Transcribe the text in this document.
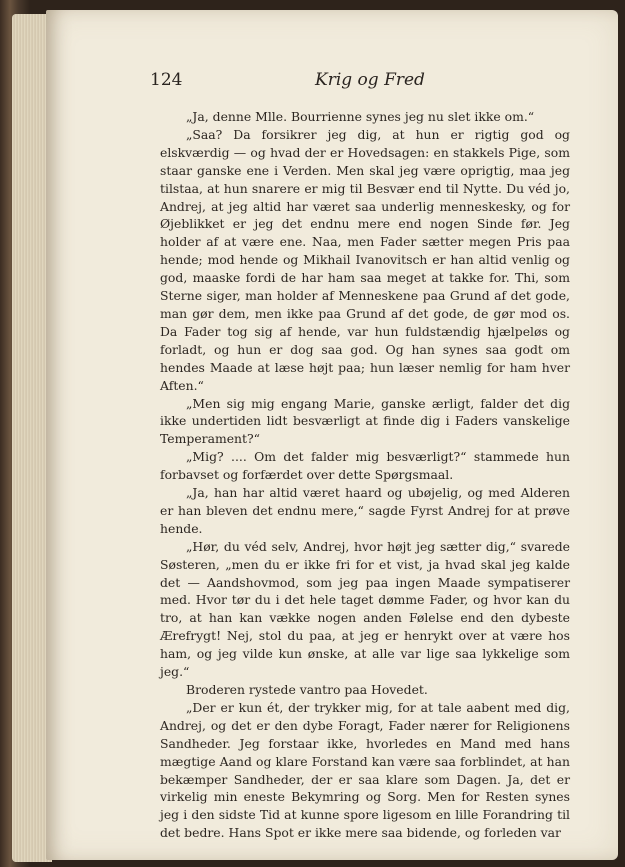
124	Krig og Fred

„Ja, denne Mlle. Bourrienne synes jeg nu slet ikke om.“

„Saa? Da forsikrer jeg dig, at hun er rigtig god og elskværdig — og hvad der er Hovedsagen: en stakkels Pige, som staar ganske ene i Verden. Men skal jeg være oprigtig, maa jeg tilstaa, at hun snarere er mig til Besvær end til Nytte. Du véd jo, Andrej, at jeg altid har været saa underlig menneskesky, og for Øjeblikket er jeg det endnu mere end nogen Sinde før. Jeg holder af at være ene. Naa, men Fader sætter megen Pris paa hende; mod hende og Mikhail Ivanovitsch er han altid venlig og god, maaske fordi de har ham saa meget at takke for. Thi, som Sterne siger, man holder af Menneskene paa Grund af det gode, man gør dem, men ikke paa Grund af det gode, de gør mod os. Da Fader tog sig af hende, var hun fuldstændig hjælpeløs og forladt, og hun er dog saa god. Og han synes saa godt om hendes Maade at læse højt paa; hun læser nemlig for ham hver Aften.“

„Men sig mig engang Marie, ganske ærligt, falder det dig ikke undertiden lidt besværligt at finde dig i Faders vanskelige Temperament?“

„Mig? .... Om det falder mig besværligt?“ stammede hun forbavset og forfærdet over dette Spørgsmaal.

„Ja, han har altid været haard og ubøjelig, og med Alderen er han bleven det endnu mere,“ sagde Fyrst Andrej for at prøve hende.

„Hør, du véd selv, Andrej, hvor højt jeg sætter dig,“ svarede Søsteren, „men du er ikke fri for et vist, ja hvad skal jeg kalde det — Aandshovmod, som jeg paa ingen Maade sympatiserer med. Hvor tør du i det hele taget dømme Fader, og hvor kan du tro, at han kan vække nogen anden Følelse end den dybeste Ærefrygt! Nej, stol du paa, at jeg er henrykt over at være hos ham, og jeg vilde kun ønske, at alle var lige saa lykkelige som jeg.“

Broderen rystede vantro paa Hovedet.

„Der er kun ét, der trykker mig, for at tale aabent med dig, Andrej, og det er den dybe Foragt, Fader nærer for Religionens Sandheder. Jeg forstaar ikke, hvorledes en Mand med hans mægtige Aand og klare Forstand kan være saa forblindet, at han bekæmper Sandheder, der er saa klare som Dagen. Ja, det er virkelig min eneste Bekymring og Sorg. Men for Resten synes jeg i den sidste Tid at kunne spore ligesom en lille Forandring til det bedre. Hans Spot er ikke mere saa bidende, og forleden var
